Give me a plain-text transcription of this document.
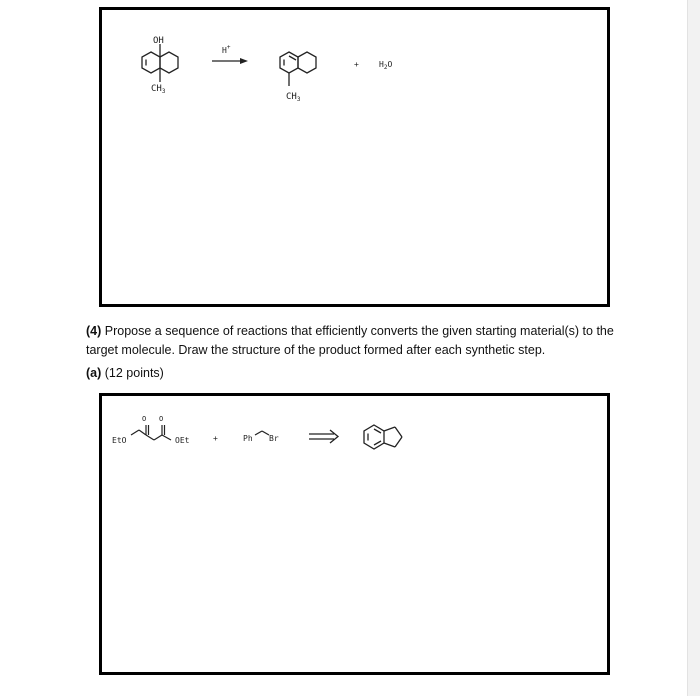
OH
$CH_3$
H+
$CH_3$
+	$H_2O$
(4) Propose a sequence of reactions that efficiently converts the given starting material(s) to the target molecule. Draw the structure of the product formed after each synthetic step.
(a) (12 points)
EtO	OEt
O O
+	Ph Br
